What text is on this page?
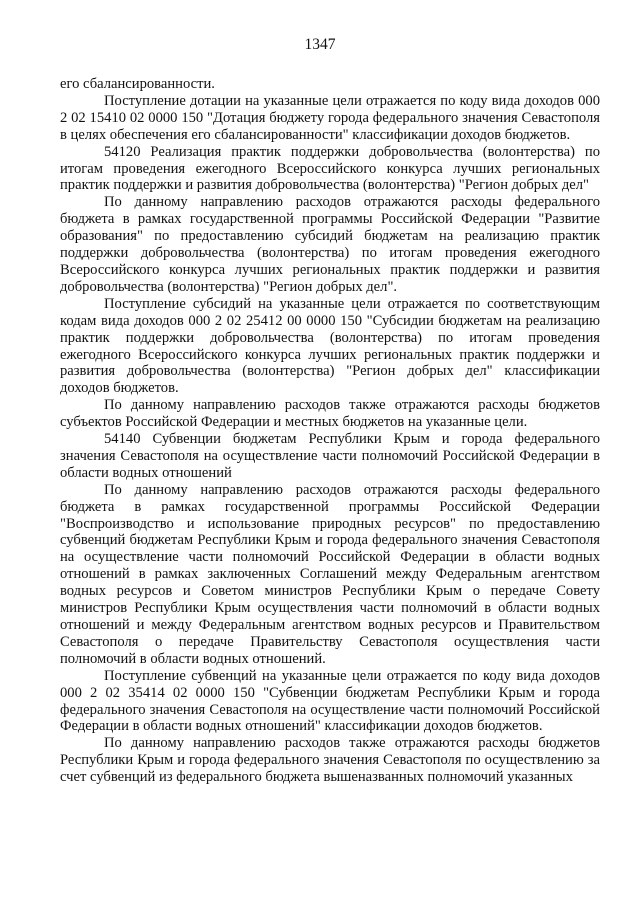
1347

его сбалансированности.

Поступление дотации на указанные цели отражается по коду вида доходов 000 2 02 15410 02 0000 150 "Дотация бюджету города федерального значения Севастополя в целях обеспечения его сбалансированности" классификации доходов бюджетов.

54120 Реализация практик поддержки добровольчества (волонтерства) по итогам проведения ежегодного Всероссийского конкурса лучших региональных практик поддержки и развития добровольчества (волонтерства) "Регион добрых дел"

По данному направлению расходов отражаются расходы федерального бюджета в рамках государственной программы Российской Федерации "Развитие образования" по предоставлению субсидий бюджетам на реализацию практик поддержки добровольчества (волонтерства) по итогам проведения ежегодного Всероссийского конкурса лучших региональных практик поддержки и развития добровольчества (волонтерства) "Регион добрых дел".

Поступление субсидий на указанные цели отражается по соответствующим кодам вида доходов 000 2 02 25412 00 0000 150 "Субсидии бюджетам на реализацию практик поддержки добровольчества (волонтерства) по итогам проведения ежегодного Всероссийского конкурса лучших региональных практик поддержки и развития добровольчества (волонтерства) "Регион добрых дел" классификации доходов бюджетов.

По данному направлению расходов также отражаются расходы бюджетов субъектов Российской Федерации и местных бюджетов на указанные цели.

54140 Субвенции бюджетам Республики Крым и города федерального значения Севастополя на осуществление части полномочий Российской Федерации в области водных отношений

По данному направлению расходов отражаются расходы федерального бюджета в рамках государственной программы Российской Федерации "Воспроизводство и использование природных ресурсов" по предоставлению субвенций бюджетам Республики Крым и города федерального значения Севастополя на осуществление части полномочий Российской Федерации в области водных отношений в рамках заключенных Соглашений между Федеральным агентством водных ресурсов и Советом министров Республики Крым о передаче Совету министров Республики Крым осуществления части полномочий в области водных отношений и между Федеральным агентством водных ресурсов и Правительством Севастополя о передаче Правительству Севастополя осуществления части полномочий в области водных отношений.

Поступление субвенций на указанные цели отражается по коду вида доходов 000 2 02 35414 02 0000 150 "Субвенции бюджетам Республики Крым и города федерального значения Севастополя на осуществление части полномочий Российской Федерации в области водных отношений" классификации доходов бюджетов.

По данному направлению расходов также отражаются расходы бюджетов Республики Крым и города федерального значения Севастополя по осуществлению за счет субвенций из федерального бюджета вышеназванных полномочий указанных
